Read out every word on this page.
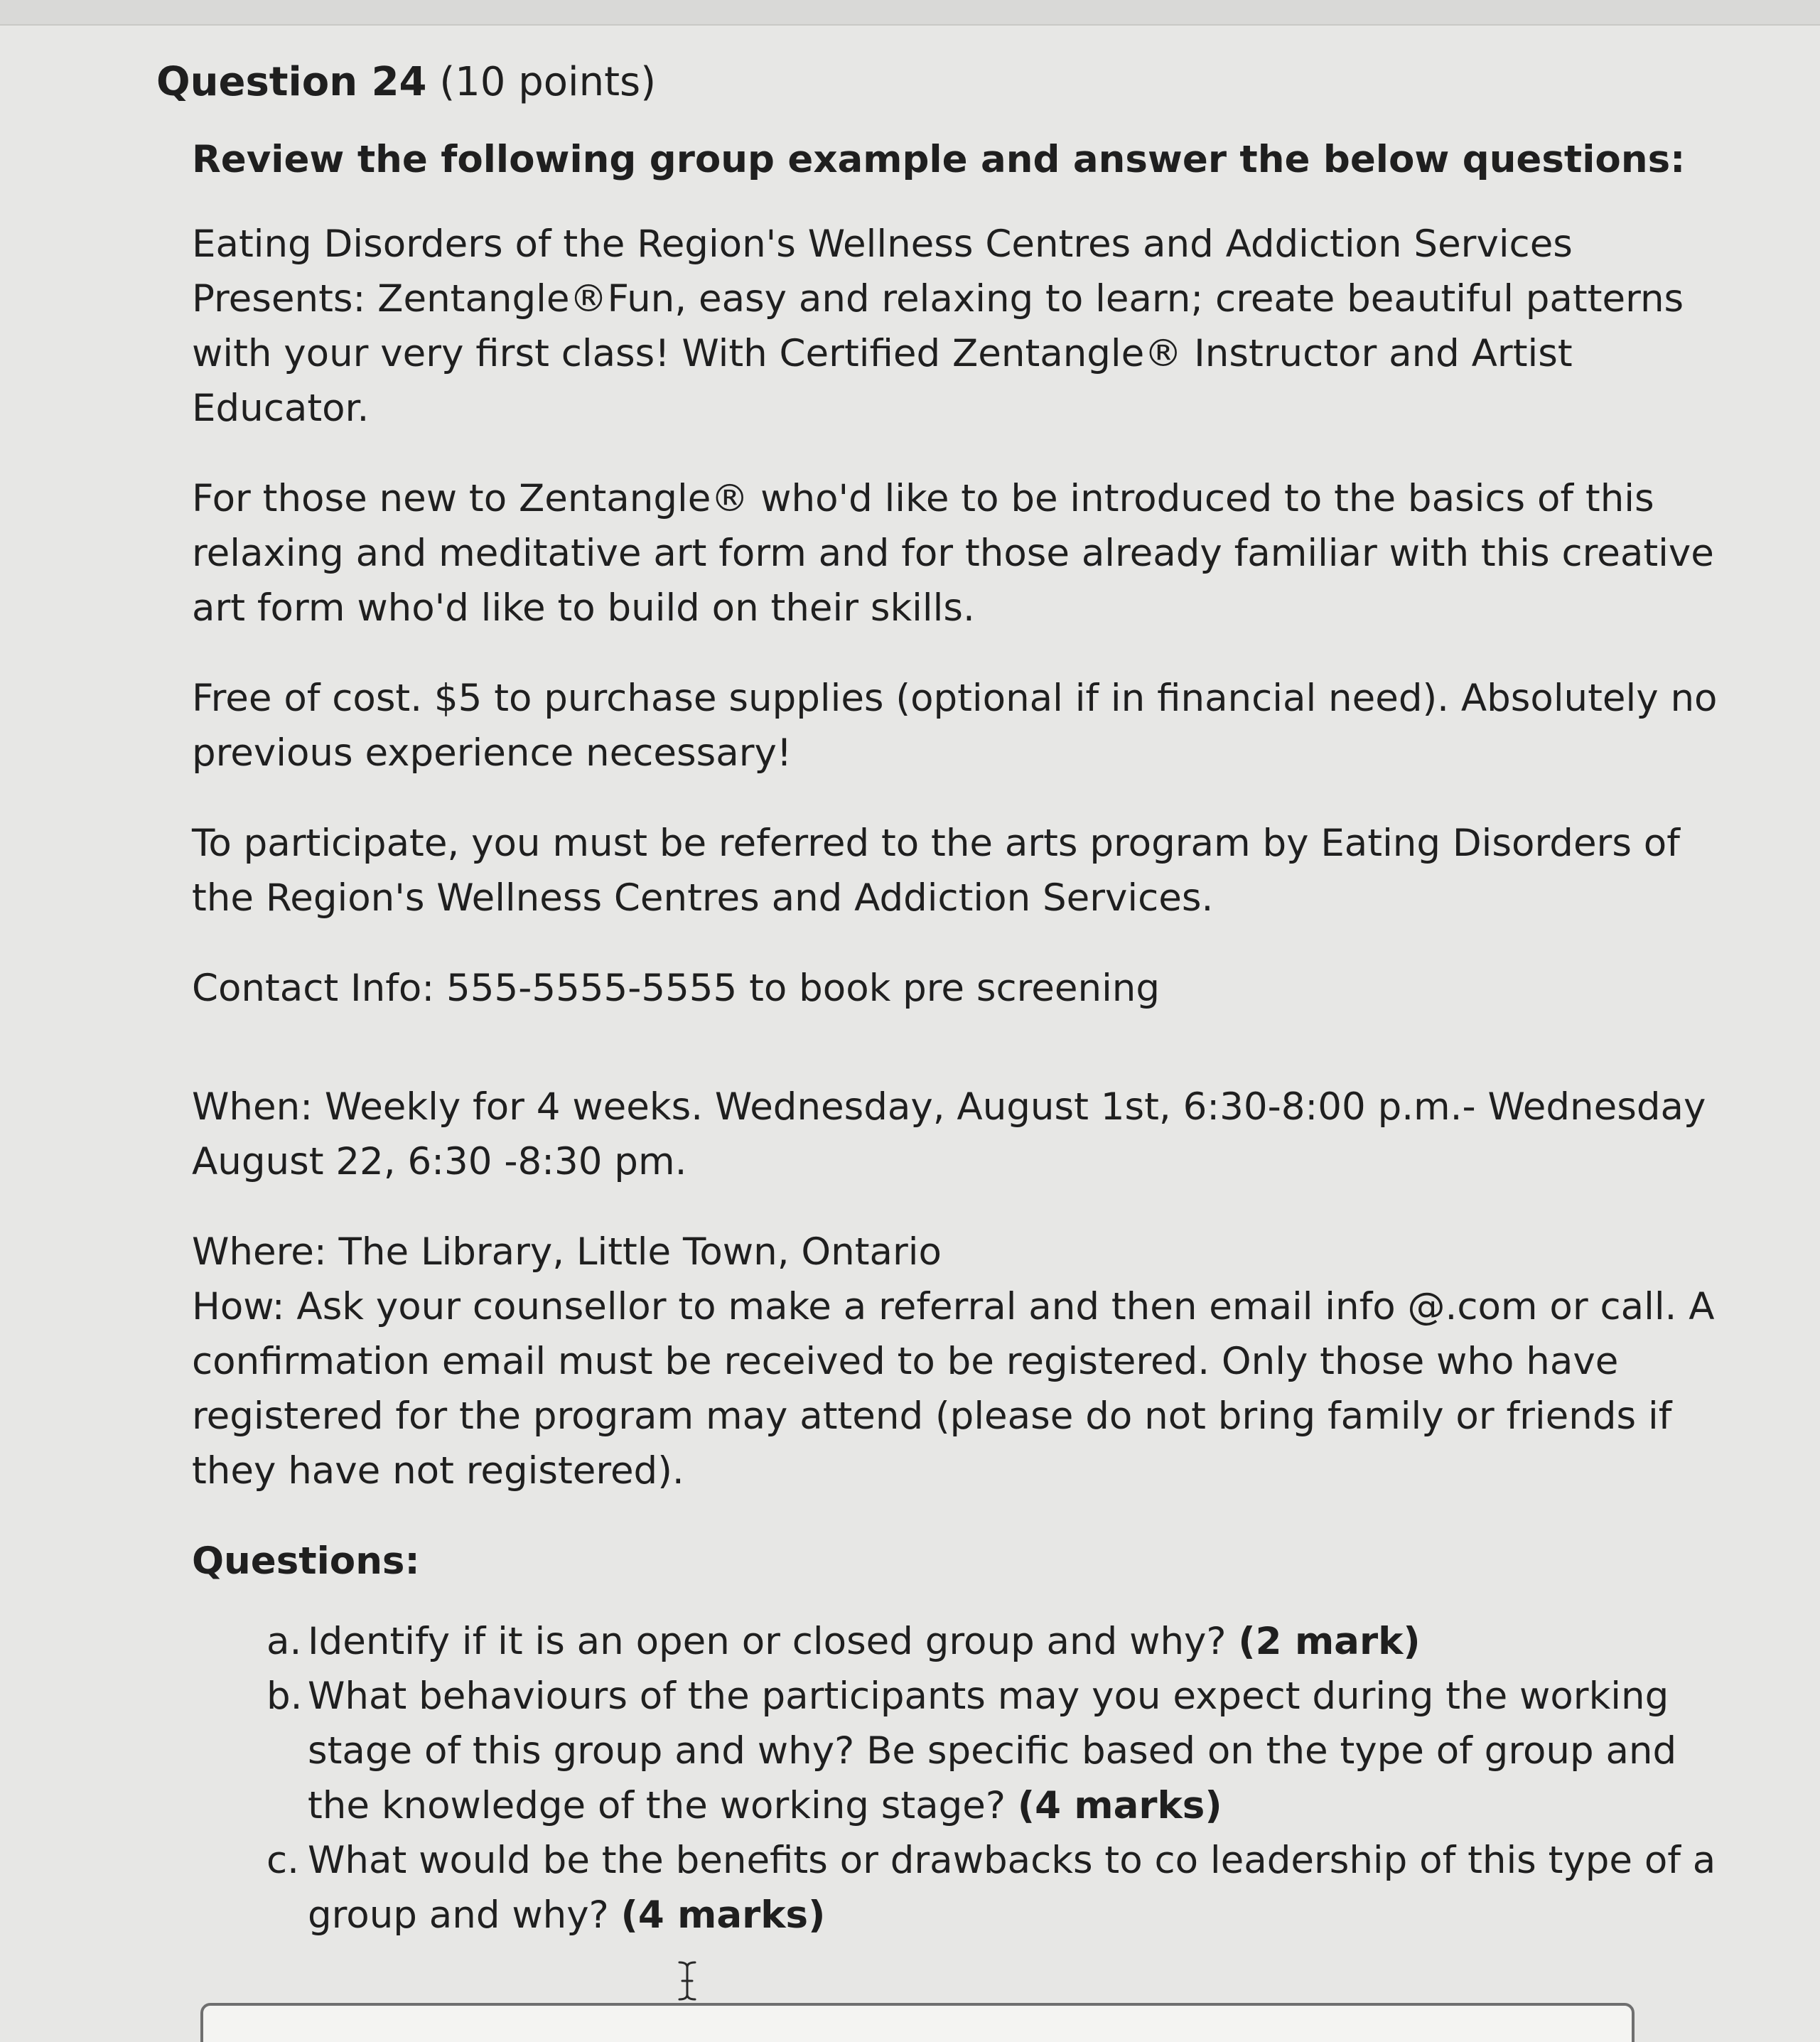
Question 24 (10 points)

Review the following group example and answer the below questions:

Eating Disorders of the Region's Wellness Centres and Addiction Services Presents: Zentangle®Fun, easy and relaxing to learn; create beautiful patterns with your very first class! With Certified Zentangle® Instructor and Artist Educator.

For those new to Zentangle® who'd like to be introduced to the basics of this relaxing and meditative art form and for those already familiar with this creative art form who'd like to build on their skills.

Free of cost. $5 to purchase supplies (optional if in financial need). Absolutely no previous experience necessary!

To participate, you must be referred to the arts program by Eating Disorders of the Region's Wellness Centres and Addiction Services.

Contact Info: 555-5555-5555 to book pre screening

When: Weekly for 4 weeks. Wednesday, August 1st, 6:30-8:00 p.m.- Wednesday August 22, 6:30 -8:30 pm.

Where: The Library, Little Town, Ontario

How: Ask your counsellor to make a referral and then email info @.com or call. A confirmation email must be received to be registered. Only those who have registered for the program may attend (please do not bring family or friends if they have not registered).

Questions:

a. Identify if it is an open or closed group and why? (2 mark)
b. What behaviours of the participants may you expect during the working stage of this group and why? Be specific based on the type of group and the knowledge of the working stage? (4 marks)
c. What would be the benefits or drawbacks to co leadership of this type of a group and why? (4 marks)
